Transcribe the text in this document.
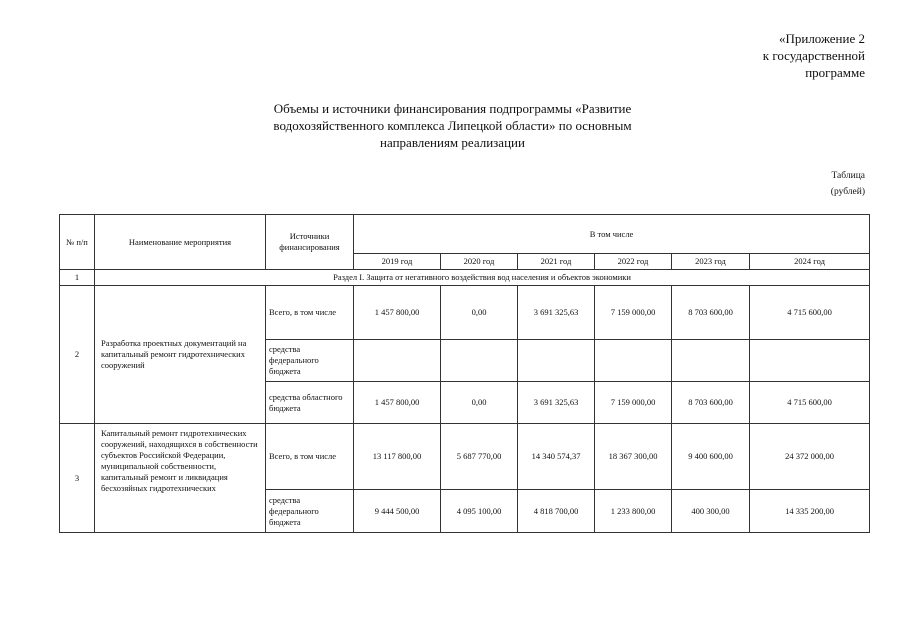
«Приложение 2
к государственной
программе
Объемы и источники финансирования подпрограммы «Развитие
водохозяйственного комплекса Липецкой области» по основным
направлениям реализации
Таблица
(рублей)
№ п/п	Наименование мероприятия	Источники финансирования	В том числе					
			2019 год	2020 год	2021 год	2022 год	2023 год	2024 год
1	Раздел I. Защита от негативного воздействия вод населения и объектов экономики							
2	Разработка проектных документаций на капитальный ремонт гидротехнических сооружений	Всего, в том числе	1 457 800,00	0,00	3 691 325,63	7 159 000,00	8 703 600,00	4 715 600,00
		средства федерального бюджета						
		средства областного бюджета	1 457 800,00	0,00	3 691 325,63	7 159 000,00	8 703 600,00	4 715 600,00
3	Капитальный ремонт гидротехнических сооружений, находящихся в собственности субъектов Российской Федерации, муниципальной собственности, капитальный ремонт и ликвидация бесхозяйных гидротехнических	Всего, в том числе	13 117 800,00	5 687 770,00	14 340 574,37	18 367 300,00	9 400 600,00	24 372 000,00
		средства федерального бюджета	9 444 500,00	4 095 100,00	4 818 700,00	1 233 800,00	400 300,00	14 335 200,00
